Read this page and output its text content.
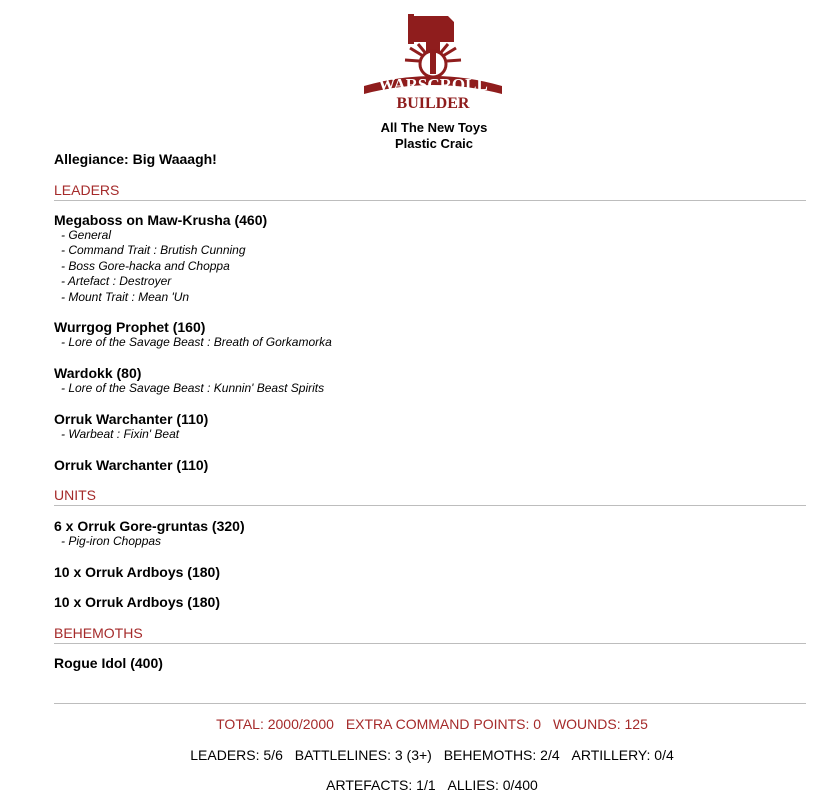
WARSCROLL
BUILDER
All The New Toys
Plastic Craic
Allegiance: Big Waaagh!
LEADERS
Megaboss on Maw-Krusha (460)
- General
- Command Trait : Brutish Cunning
- Boss Gore-hacka and Choppa
- Artefact : Destroyer
- Mount Trait : Mean 'Un
Wurrgog Prophet (160)
- Lore of the Savage Beast : Breath of Gorkamorka
Wardokk (80)
- Lore of the Savage Beast : Kunnin' Beast Spirits
Orruk Warchanter (110)
- Warbeat : Fixin' Beat
Orruk Warchanter (110)
UNITS
6 x Orruk Gore-gruntas (320)
- Pig-iron Choppas
10 x Orruk Ardboys (180)
10 x Orruk Ardboys (180)
BEHEMOTHS
Rogue Idol (400)
TOTAL: 2000/2000 EXTRA COMMAND POINTS: 0 WOUNDS: 125
LEADERS: 5/6 BATTLELINES: 3 (3+) BEHEMOTHS: 2/4 ARTILLERY: 0/4
ARTEFACTS: 1/1 ALLIES: 0/400
